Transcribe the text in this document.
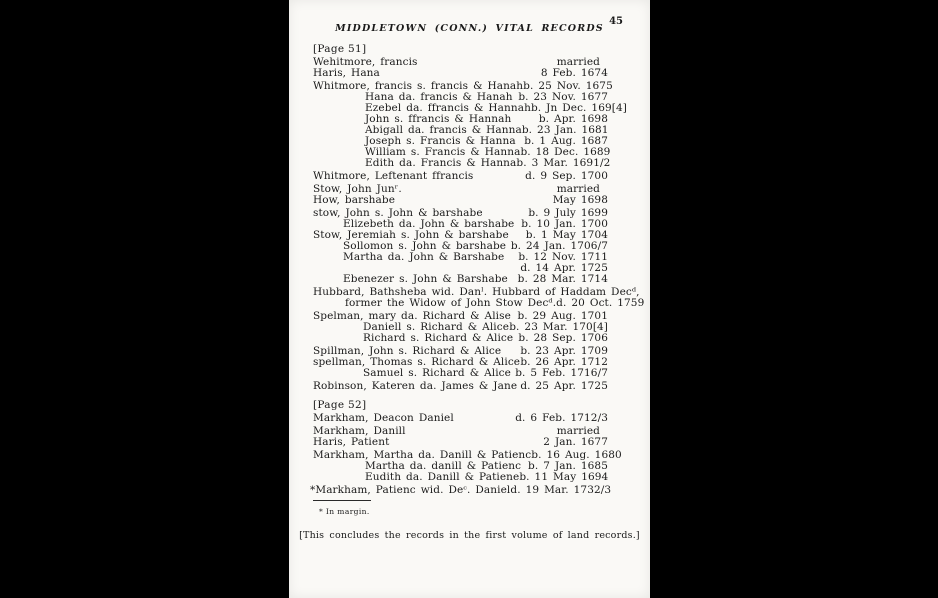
MIDDLETOWN (CONN.) VITAL RECORDS
45
[Page 51]
Wehitmore, francis	married
Haris, Hana	8 Feb. 1674
Whitmore, francis s. francis & Hanah b. 25 Nov. 1675
Hana da. francis & Hanah b. 23 Nov. 1677
Ezebel da. ffrancis & Hannah b. Jn Dec. 169[4]
John s. ffrancis & Hannah	b. Apr. 1698
Abigall da. francis & Hanna b. 23 Jan. 1681
Joseph s. Francis & Hanna b. 1 Aug. 1687
William s. Francis & Hanna b. 18 Dec. 1689
Edith da. Francis & Hanna b. 3 Mar. 1691/2
Whitmore, Leftenant ffrancis	d. 9 Sep. 1700
Stow, John Junʳ.	married
How, barshabe	May 1698
stow, John s. John & barshabe	b. 9 July 1699
Elizebeth da. John & barshabe b. 10 Jan. 1700
Stow, Jeremiah s. John & barshabe b. 1 May 1704
Sollomon s. John & barshabe b. 24 Jan. 1706/7
Martha da. John & Barshabe b. 12 Nov. 1711
d. 14 Apr. 1725
Ebenezer s. John & Barshabe b. 28 Mar. 1714
Hubbard, Bathsheba wid. Danˡ. Hubbard of Haddam Decᵈ,
former the Widow of John Stow Decᵈ. d. 20 Oct. 1759
Spelman, mary da. Richard & Alise b. 29 Aug. 1701
Daniell s. Richard & Alice b. 23 Mar. 170[4]
Richard s. Richard & Alice b. 28 Sep. 1706
Spillman, John s. Richard & Alice b. 23 Apr. 1709
spellman, Thomas s. Richard & Alice b. 26 Apr. 1712
Samuel s. Richard & Alice b. 5 Feb. 1716/7
Robinson, Kateren da. James & Jane d. 25 Apr. 1725
[Page 52]
Markham, Deacon Daniel	d. 6 Feb. 1712/3
Markham, Danill	married
Haris, Patient	2 Jan. 1677
Markham, Martha da. Danill & Patienc b. 16 Aug. 1680
Martha da. danill & Patienc b. 7 Jan. 1685
Eudith da. Danill & Patiene b. 11 May 1694
*Markham, Patienc wid. Deᶜ. Daniel d. 19 Mar. 1732/3
* In margin.
[This concludes the records in the first volume of land records.]
